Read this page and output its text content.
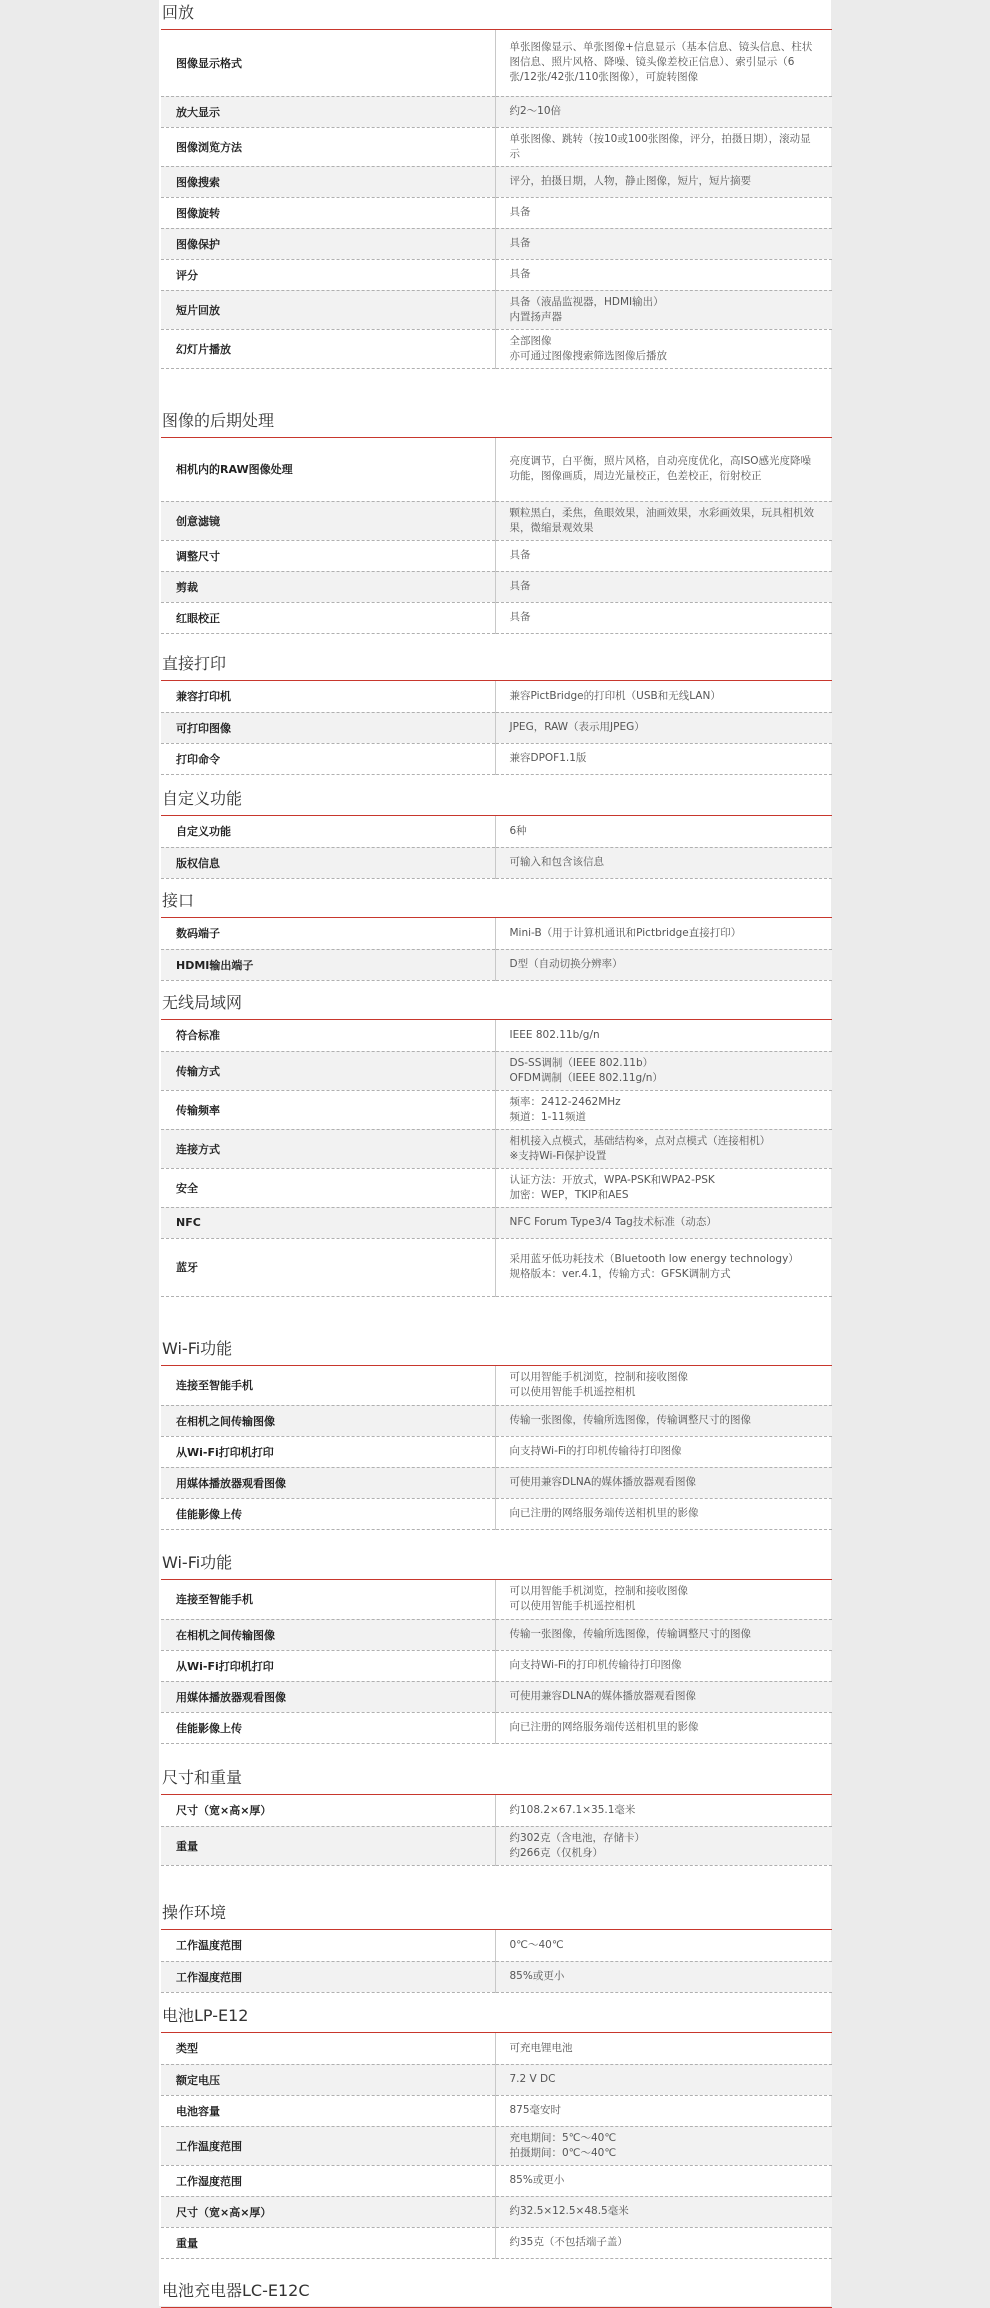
回放
图像显示格式	单张图像显示、单张图像+信息显示（基本信息、镜头信息、柱状图信息、照片风格、降噪、镜头像差校正信息）、索引显示（6张/12张/42张/110张图像），可旋转图像
放大显示	约2～10倍
图像浏览方法	单张图像、跳转（按10或100张图像，评分，拍摄日期），滚动显示
图像搜索	评分，拍摄日期，人物，静止图像，短片，短片摘要
图像旋转	具备
图像保护	具备
评分	具备
短片回放	具备（液晶监视器，HDMI输出）
内置扬声器
幻灯片播放	全部图像
亦可通过图像搜索筛选图像后播放
图像的后期处理
相机内的RAW图像处理	亮度调节，白平衡，照片风格，自动亮度优化，高ISO感光度降噪功能，图像画质，周边光量校正，色差校正，衍射校正
创意滤镜	颗粒黑白，柔焦，鱼眼效果，油画效果，水彩画效果，玩具相机效果，微缩景观效果
调整尺寸	具备
剪裁	具备
红眼校正	具备
直接打印
兼容打印机	兼容PictBridge的打印机（USB和无线LAN）
可打印图像	JPEG，RAW（表示用JPEG）
打印命令	兼容DPOF1.1版
自定义功能
自定义功能	6种
版权信息	可输入和包含该信息
接口
数码端子	Mini-B（用于计算机通讯和Pictbridge直接打印）
HDMI输出端子	D型（自动切换分辨率）
无线局域网
符合标准	IEEE 802.11b/g/n
传输方式	DS-SS调制（IEEE 802.11b）
OFDM调制（IEEE 802.11g/n）
传输频率	频率：2412-2462MHz
频道：1-11频道
连接方式	相机接入点模式，基础结构※，点对点模式（连接相机）
※支持Wi-Fi保护设置
安全	认证方法：开放式，WPA-PSK和WPA2-PSK
加密：WEP，TKIP和AES
NFC	NFC Forum Type3/4 Tag技术标准（动态）
蓝牙	采用蓝牙低功耗技术（Bluetooth low energy technology）
规格版本：ver.4.1，传输方式：GFSK调制方式
Wi-Fi功能
连接至智能手机	可以用智能手机浏览，控制和接收图像
可以使用智能手机遥控相机
在相机之间传输图像	传输一张图像，传输所选图像，传输调整尺寸的图像
从Wi-Fi打印机打印	向支持Wi-Fi的打印机传输待打印图像
用媒体播放器观看图像	可使用兼容DLNA的媒体播放器观看图像
佳能影像上传	向已注册的网络服务端传送相机里的影像
Wi-Fi功能
连接至智能手机	可以用智能手机浏览，控制和接收图像
可以使用智能手机遥控相机
在相机之间传输图像	传输一张图像，传输所选图像，传输调整尺寸的图像
从Wi-Fi打印机打印	向支持Wi-Fi的打印机传输待打印图像
用媒体播放器观看图像	可使用兼容DLNA的媒体播放器观看图像
佳能影像上传	向已注册的网络服务端传送相机里的影像
尺寸和重量
尺寸（宽×高×厚）	约108.2×67.1×35.1毫米
重量	约302克（含电池，存储卡）
约266克（仅机身）
操作环境
工作温度范围	0℃～40℃
工作湿度范围	85%或更小
电池LP-E12
类型	可充电锂电池
额定电压	7.2 V DC
电池容量	875毫安时
工作温度范围	充电期间：5℃～40℃
拍摄期间：0℃～40℃
工作湿度范围	85%或更小
尺寸（宽×高×厚）	约32.5×12.5×48.5毫米
重量	约35克（不包括端子盖）
电池充电器LC-E12C
